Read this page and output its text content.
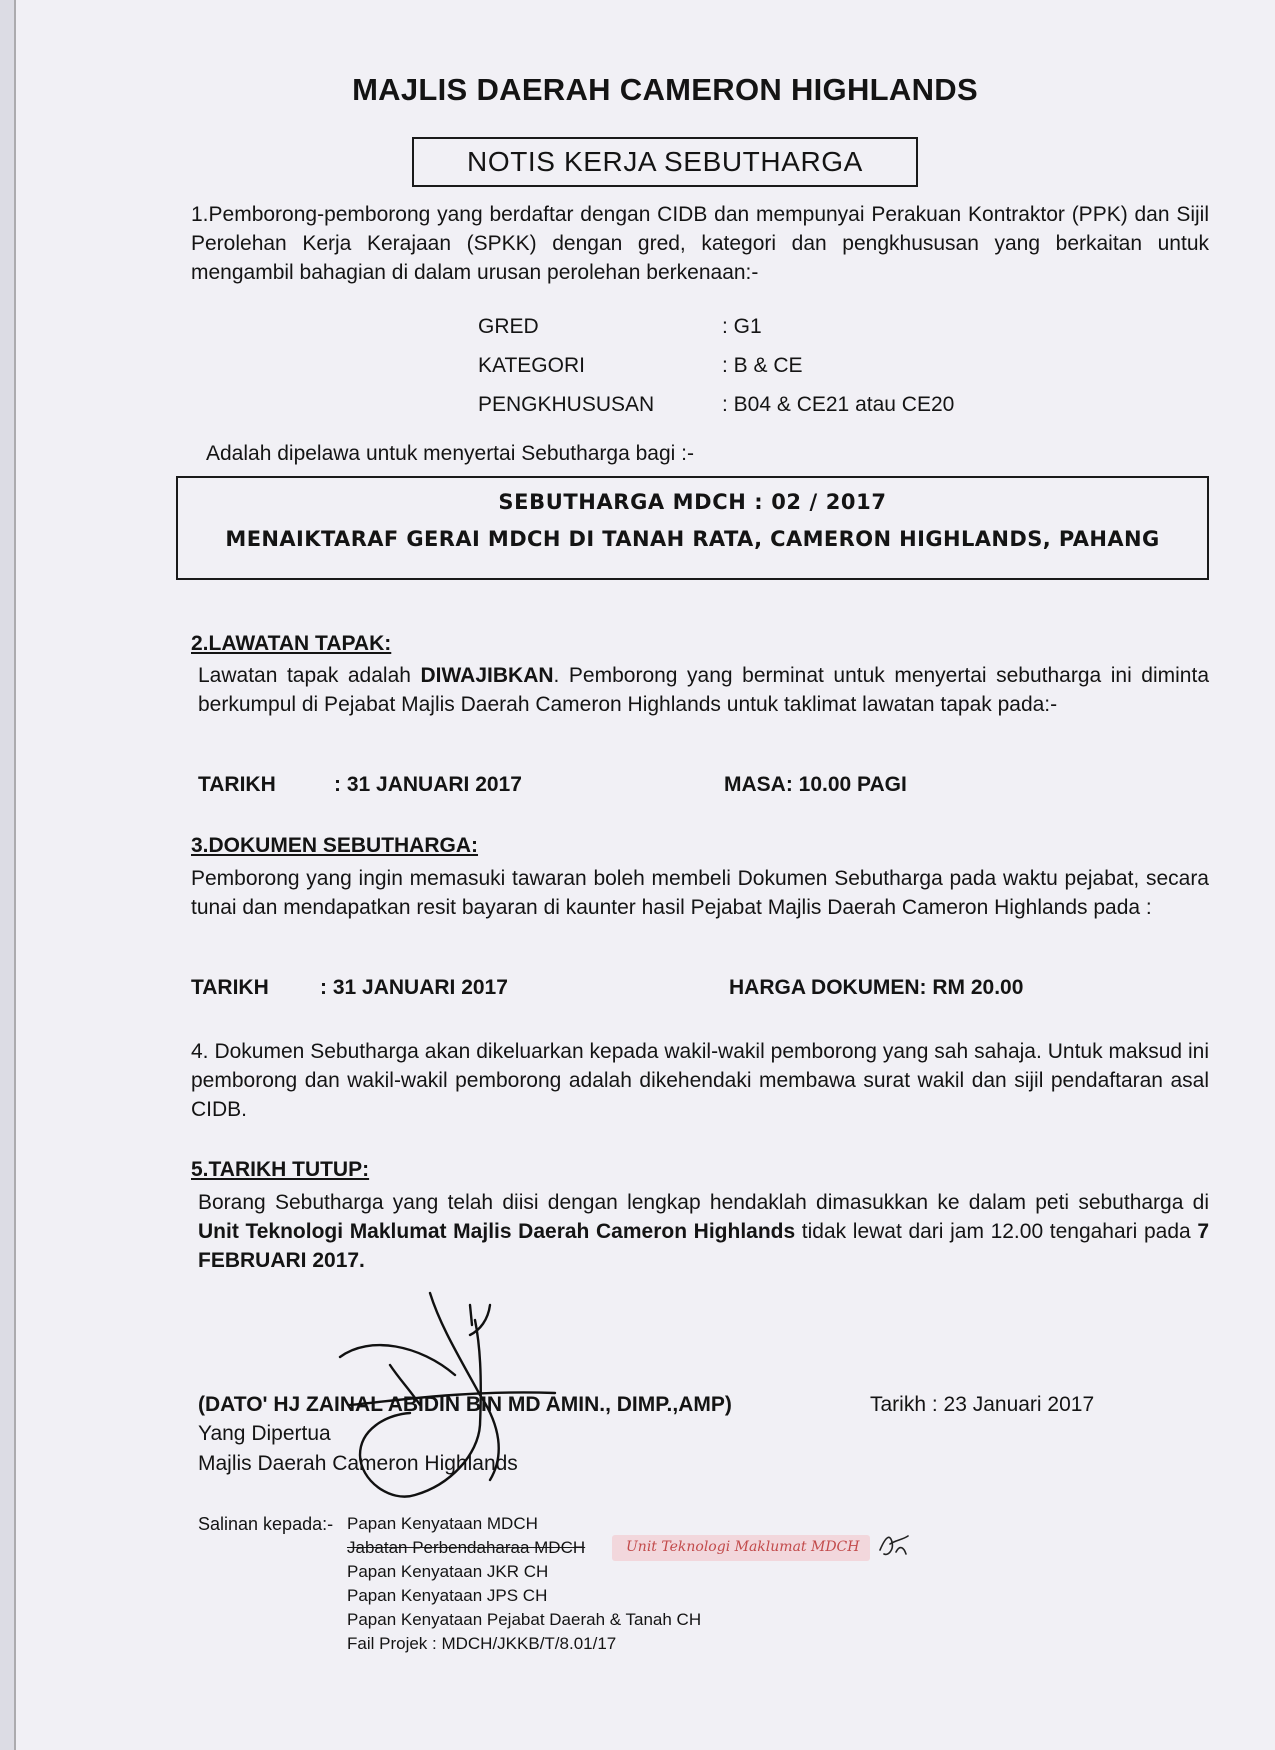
MAJLIS DAERAH CAMERON HIGHLANDS
NOTIS KERJA SEBUTHARGA
1.Pemborong-pemborong yang berdaftar dengan CIDB dan mempunyai Perakuan Kontraktor (PPK) dan Sijil Perolehan Kerja Kerajaan (SPKK) dengan gred, kategori dan pengkhususan yang berkaitan untuk mengambil bahagian di dalam urusan perolehan berkenaan:-
GRED	: G1
KATEGORI	: B & CE
PENGKHUSUSAN	: B04 & CE21 atau CE20
Adalah dipelawa untuk menyertai Sebutharga bagi :-
SEBUTHARGA MDCH : 02 / 2017
MENAIKTARAF GERAI MDCH DI TANAH RATA, CAMERON HIGHLANDS, PAHANG
2.LAWATAN TAPAK:
Lawatan tapak adalah DIWAJIBKAN. Pemborong yang berminat untuk menyertai sebutharga ini diminta berkumpul di Pejabat Majlis Daerah Cameron Highlands untuk taklimat lawatan tapak pada:-
TARIKH	: 31 JANUARI 2017	MASA: 10.00 PAGI
3.DOKUMEN SEBUTHARGA:
Pemborong yang ingin memasuki tawaran boleh membeli Dokumen Sebutharga pada waktu pejabat, secara tunai dan mendapatkan resit bayaran di kaunter hasil Pejabat Majlis Daerah Cameron Highlands pada :
TARIKH : 31 JANUARI 2017	HARGA DOKUMEN: RM 20.00
4. Dokumen Sebutharga akan dikeluarkan kepada wakil-wakil pemborong yang sah sahaja. Untuk maksud ini pemborong dan wakil-wakil pemborong adalah dikehendaki membawa surat wakil dan sijil pendaftaran asal CIDB.
5.TARIKH TUTUP:
Borang Sebutharga yang telah diisi dengan lengkap hendaklah dimasukkan ke dalam peti sebutharga di Unit Teknologi Maklumat Majlis Daerah Cameron Highlands tidak lewat dari jam 12.00 tengahari pada 7 FEBRUARI 2017.
(DATO' HJ ZAINAL ABIDIN BIN MD AMIN., DIMP.,AMP)
Yang Dipertua
Majlis Daerah Cameron Highlands
Tarikh : 23 Januari 2017
Salinan kepada:- Papan Kenyataan MDCH
Jabatan Perbendaharaa MDCH
Papan Kenyataan JKR CH
Papan Kenyataan JPS CH
Papan Kenyataan Pejabat Daerah & Tanah CH
Fail Projek : MDCH/JKKB/T/8.01/17
Unit Teknologi Maklumat MDCH
